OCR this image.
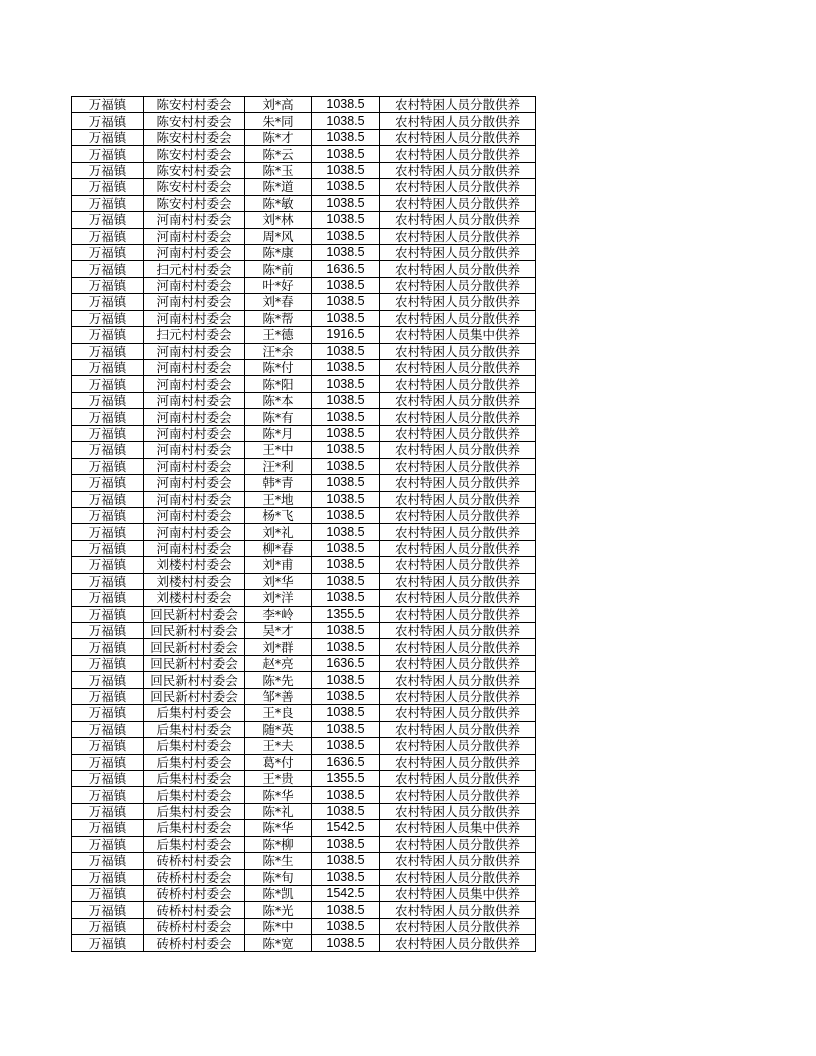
万福镇	陈安村村委会	刘*高	1038.5	农村特困人员分散供养
万福镇	陈安村村委会	朱*同	1038.5	农村特困人员分散供养
万福镇	陈安村村委会	陈*才	1038.5	农村特困人员分散供养
万福镇	陈安村村委会	陈*云	1038.5	农村特困人员分散供养
万福镇	陈安村村委会	陈*玉	1038.5	农村特困人员分散供养
万福镇	陈安村村委会	陈*道	1038.5	农村特困人员分散供养
万福镇	陈安村村委会	陈*敏	1038.5	农村特困人员分散供养
万福镇	河南村村委会	刘*林	1038.5	农村特困人员分散供养
万福镇	河南村村委会	周*风	1038.5	农村特困人员分散供养
万福镇	河南村村委会	陈*康	1038.5	农村特困人员分散供养
万福镇	扫元村村委会	陈*前	1636.5	农村特困人员分散供养
万福镇	河南村村委会	叶*好	1038.5	农村特困人员分散供养
万福镇	河南村村委会	刘*春	1038.5	农村特困人员分散供养
万福镇	河南村村委会	陈*帮	1038.5	农村特困人员分散供养
万福镇	扫元村村委会	王*德	1916.5	农村特困人员集中供养
万福镇	河南村村委会	汪*余	1038.5	农村特困人员分散供养
万福镇	河南村村委会	陈*付	1038.5	农村特困人员分散供养
万福镇	河南村村委会	陈*阳	1038.5	农村特困人员分散供养
万福镇	河南村村委会	陈*本	1038.5	农村特困人员分散供养
万福镇	河南村村委会	陈*有	1038.5	农村特困人员分散供养
万福镇	河南村村委会	陈*月	1038.5	农村特困人员分散供养
万福镇	河南村村委会	王*中	1038.5	农村特困人员分散供养
万福镇	河南村村委会	汪*利	1038.5	农村特困人员分散供养
万福镇	河南村村委会	韩*青	1038.5	农村特困人员分散供养
万福镇	河南村村委会	王*地	1038.5	农村特困人员分散供养
万福镇	河南村村委会	杨*飞	1038.5	农村特困人员分散供养
万福镇	河南村村委会	刘*礼	1038.5	农村特困人员分散供养
万福镇	河南村村委会	柳*春	1038.5	农村特困人员分散供养
万福镇	刘楼村村委会	刘*甫	1038.5	农村特困人员分散供养
万福镇	刘楼村村委会	刘*华	1038.5	农村特困人员分散供养
万福镇	刘楼村村委会	刘*洋	1038.5	农村特困人员分散供养
万福镇	回民新村村委会	李*岭	1355.5	农村特困人员分散供养
万福镇	回民新村村委会	吴*才	1038.5	农村特困人员分散供养
万福镇	回民新村村委会	刘*群	1038.5	农村特困人员分散供养
万福镇	回民新村村委会	赵*亮	1636.5	农村特困人员分散供养
万福镇	回民新村村委会	陈*先	1038.5	农村特困人员分散供养
万福镇	回民新村村委会	邹*善	1038.5	农村特困人员分散供养
万福镇	后集村村委会	王*良	1038.5	农村特困人员分散供养
万福镇	后集村村委会	随*英	1038.5	农村特困人员分散供养
万福镇	后集村村委会	王*夫	1038.5	农村特困人员分散供养
万福镇	后集村村委会	葛*付	1636.5	农村特困人员分散供养
万福镇	后集村村委会	王*贵	1355.5	农村特困人员分散供养
万福镇	后集村村委会	陈*华	1038.5	农村特困人员分散供养
万福镇	后集村村委会	陈*礼	1038.5	农村特困人员分散供养
万福镇	后集村村委会	陈*华	1542.5	农村特困人员集中供养
万福镇	后集村村委会	陈*柳	1038.5	农村特困人员分散供养
万福镇	砖桥村村委会	陈*生	1038.5	农村特困人员分散供养
万福镇	砖桥村村委会	陈*旬	1038.5	农村特困人员分散供养
万福镇	砖桥村村委会	陈*凯	1542.5	农村特困人员集中供养
万福镇	砖桥村村委会	陈*光	1038.5	农村特困人员分散供养
万福镇	砖桥村村委会	陈*中	1038.5	农村特困人员分散供养
万福镇	砖桥村村委会	陈*宽	1038.5	农村特困人员分散供养
